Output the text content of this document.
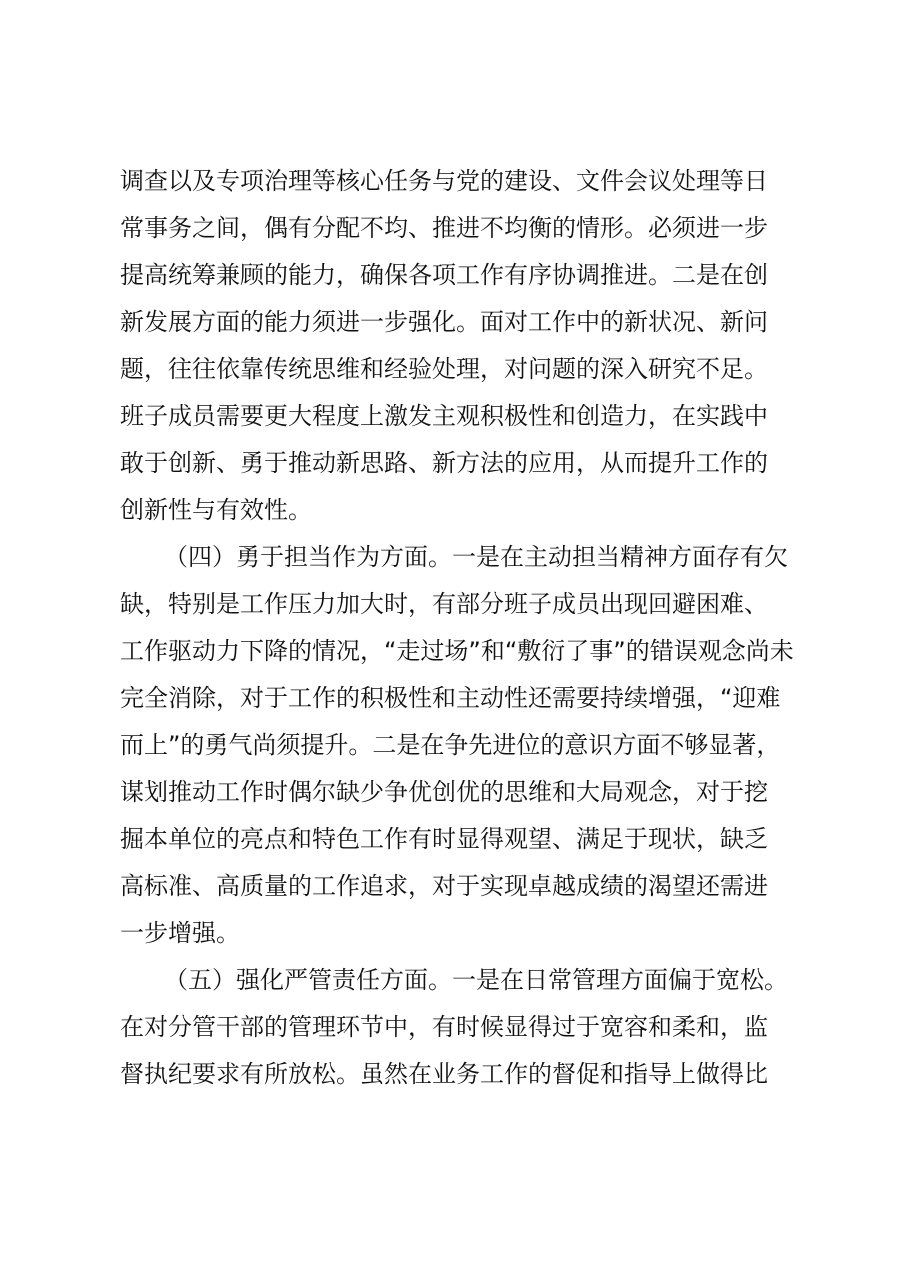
调查以及专项治理等核心任务与党的建设、文件会议处理等日
常事务之间，偶有分配不均、推进不均衡的情形。必须进一步
提高统筹兼顾的能力，确保各项工作有序协调推进。二是在创
新发展方面的能力须进一步强化。面对工作中的新状况、新问
题，往往依靠传统思维和经验处理，对问题的深入研究不足。
班子成员需要更大程度上激发主观积极性和创造力，在实践中
敢于创新、勇于推动新思路、新方法的应用，从而提升工作的
创新性与有效性。
（四）勇于担当作为方面。一是在主动担当精神方面存有欠
缺，特别是工作压力加大时，有部分班子成员出现回避困难、
工作驱动力下降的情况，“走过场”和“敷衍了事”的错误观念尚未
完全消除，对于工作的积极性和主动性还需要持续增强，“迎难
而上”的勇气尚须提升。二是在争先进位的意识方面不够显著，
谋划推动工作时偶尔缺少争优创优的思维和大局观念，对于挖
掘本单位的亮点和特色工作有时显得观望、满足于现状，缺乏
高标准、高质量的工作追求，对于实现卓越成绩的渴望还需进
一步增强。
（五）强化严管责任方面。一是在日常管理方面偏于宽松。
在对分管干部的管理环节中，有时候显得过于宽容和柔和，监
督执纪要求有所放松。虽然在业务工作的督促和指导上做得比
